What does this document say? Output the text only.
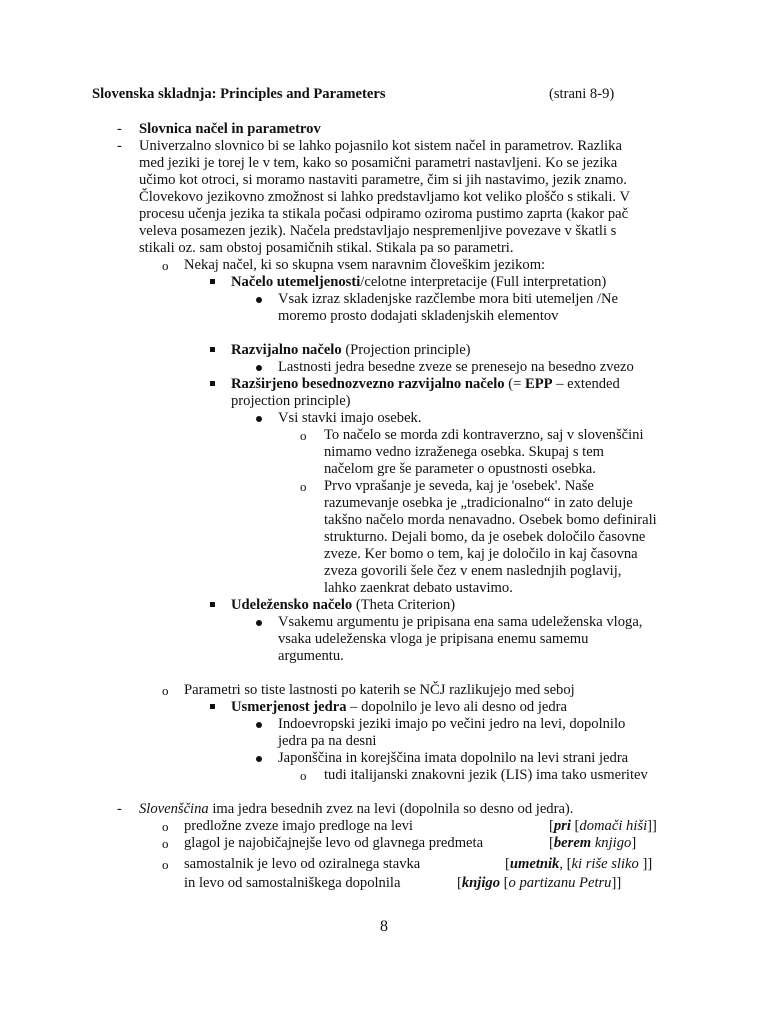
Slovenska skladnja: Principles and Parameters	(strani 8-9)
- Slovnica načel in parametrov
- Univerzalno slovnico bi se lahko pojasnilo kot sistem načel in parametrov. Razlika
med jeziki je torej le v tem, kako so posamični parametri nastavljeni. Ko se jezika
učimo kot otroci, si moramo nastaviti parametre, čim si jih nastavimo, jezik znamo.
Človekovo jezikovno zmožnost si lahko predstavljamo kot veliko ploščo s stikali. V
procesu učenja jezika ta stikala počasi odpiramo oziroma pustimo zaprta (kakor pač
veleva posamezen jezik). Načela predstavljajo nespremenljive povezave v škatli s
stikali oz. sam obstoj posamičnih stikal. Stikala pa so parametri.
o Nekaj načel, ki so skupna vsem naravnim človeškim jezikom:
Načelo utemeljenosti/celotne interpretacije (Full interpretation)
Vsak izraz skladenjske razčlembe mora biti utemeljen /Ne
moremo prosto dodajati skladenjskih elementov
Razvijalno načelo (Projection principle)
Lastnosti jedra besedne zveze se prenesejo na besedno zvezo
Razširjeno besednozvezno razvijalno načelo (= EPP – extended
projection principle)
Vsi stavki imajo osebek.
o To načelo se morda zdi kontraverzno, saj v slovenščini
nimamo vedno izraženega osebka. Skupaj s tem
načelom gre še parameter o opustnosti osebka.
o Prvo vprašanje je seveda, kaj je 'osebek'. Naše
razumevanje osebka je „tradicionalno“ in zato deluje
takšno načelo morda nenavadno. Osebek bomo definirali
strukturno. Dejali bomo, da je osebek določilo časovne
zveze. Ker bomo o tem, kaj je določilo in kaj časovna
zveza govorili šele čez v enem naslednjih poglavij,
lahko zaenkrat debato ustavimo.
Udeležensko načelo (Theta Criterion)
Vsakemu argumentu je pripisana ena sama udeleženska vloga,
vsaka udeleženska vloga je pripisana enemu samemu
argumentu.
o Parametri so tiste lastnosti po katerih se NČJ razlikujejo med seboj
Usmerjenost jedra – dopolnilo je levo ali desno od jedra
Indoevropski jeziki imajo po večini jedro na levi, dopolnilo
jedra pa na desni
Japonščina in korejščina imata dopolnilo na levi strani jedra
o tudi italijanski znakovni jezik (LIS) ima tako usmeritev
- Slovenščina ima jedra besednih zvez na levi (dopolnila so desno od jedra).
o predložne zveze imajo predloge na levi	[pri [domači hiši]]
o glagol je najobičajnejše levo od glavnega predmeta	[berem knjigo]
o samostalnik je levo od oziralnega stavka	[umetnik, [ki riše sliko ]]
in levo od samostalniškega dopolnila	[knjigo [o partizanu Petru]]
8
